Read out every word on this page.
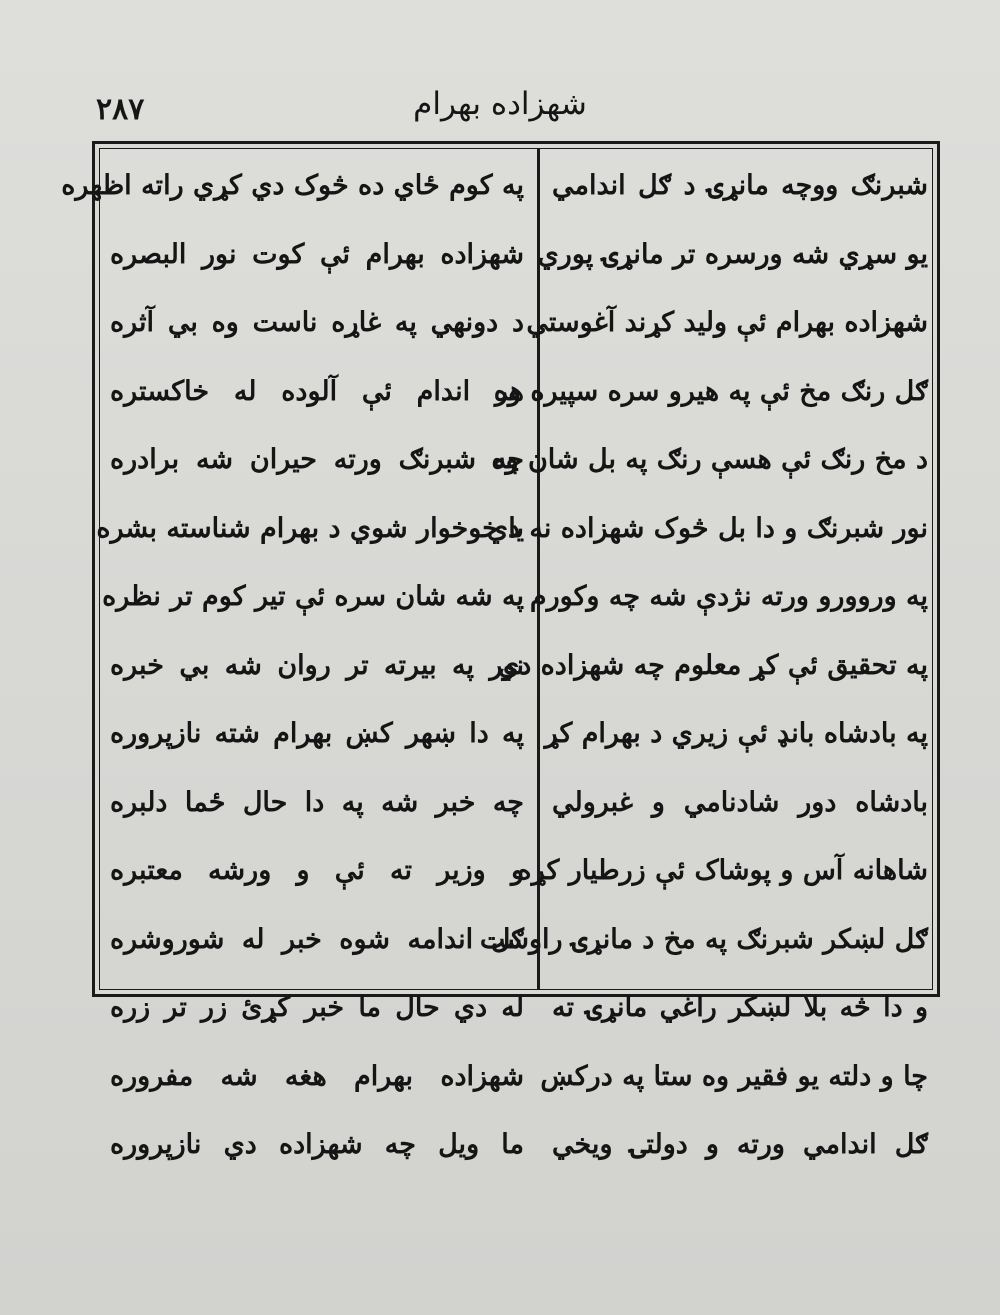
شهزاده بهرام
٢٨٧
شبرنګ ووچه مانړۍ د ګل اندامي
یو سړي شه ورسره تر مانړۍ پوري
شهزاده بهرام ئې ولید کړند آغوستي
ګل رنګ مخ ئې په هیرو سره سپیره وه
د مخ رنګ ئې هسې رنګ په بل شان وه
نور شبرنګ و دا بل څوک شهزاده نه دي
په وروورو ورته نژدې شه چه وکورم
په تحقیق ئې کړ معلوم چه شهزاده دي
په بادشاه بانډ ئې زیري د بهرام کړ
بادشاه دور شادنامي و غبرولي
شاهانه آس و پوشاک ئې زرطیار کړه
ګل لښکر شبرنګ په مخ د مانړۍ راوست
و دا څه بلا لښکر راغي مانړۍ ته
چا و دلته یو فقیر وه ستا په درکښ
ګل اندامي ورته و دولتۍ ویخي
په کوم ځاي ده څوک دي کړي راته اظهره
شهزاده بهرام ئې کوت نور البصره
د دونهي په غاړه ناست وه بي آثره
هر اندام ئې آلوده له خاکستره
چه شبرنګ ورته حیران شه برادره
یا خوخوار شوي د بهرام شناسته بشره
په شه شان سره ئې تیر کوم تر نظره
نور په بیرته تر روان شه بي خبره
په دا ښهر کښ بهرام شته نازپروره
چه خبر شه په دا حال ځما دلبره
و وزیر ته ئې و ورشه معتبره
ګل اندامه شوه خبر له شوروشره
له دي حال ما خبر کړئ زر تر زره
شهزاده بهرام هغه شه مفروره
ما ویل چه شهزاده دي نازپروره
